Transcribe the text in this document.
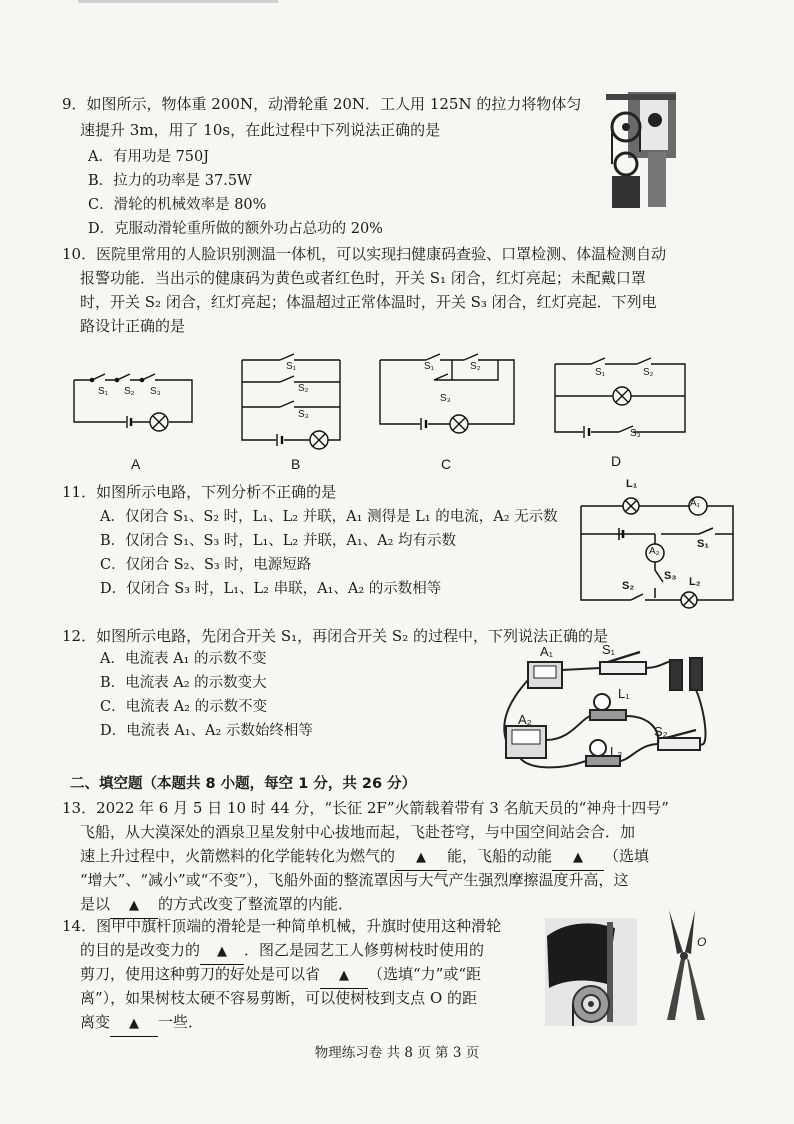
9．如图所示，物体重 200N，动滑轮重 20N．工人用 125N 的拉力将物体匀
速提升 3m，用了 10s，在此过程中下列说法正确的是
A．有用功是 750J
B．拉力的功率是 37.5W
C．滑轮的机械效率是 80%
D．克服动滑轮重所做的额外功占总功的 20%
10．医院里常用的人脸识别测温一体机，可以实现扫健康码查验、口罩检测、体温检测自动
报警功能．当出示的健康码为黄色或者红色时，开关 S₁ 闭合，红灯亮起；未配戴口罩
时，开关 S₂ 闭合，红灯亮起；体温超过正常体温时，开关 S₃ 闭合，红灯亮起．下列电
路设计正确的是
S₁ S₂ S₃
A
S₁
S₂
S₃
B
S₁	S₂
S₃
C
S₁	S₂
S₃
D
11．如图所示电路，下列分析不正确的是
A．仅闭合 S₁、S₂ 时，L₁、L₂ 并联，A₁ 测得是 L₁ 的电流，A₂ 无示数
B．仅闭合 S₁、S₃ 时，L₁、L₂ 并联，A₁、A₂ 均有示数
C．仅闭合 S₂、S₃ 时，电源短路
D．仅闭合 S₃ 时，L₁、L₂ 串联，A₁、A₂ 的示数相等
L₁
A₁
A₂
S₁
S₃
S₂	L₂
12．如图所示电路，先闭合开关 S₁，再闭合开关 S₂ 的过程中，下列说法正确的是
A．电流表 A₁ 的示数不变
B．电流表 A₂ 的示数变大
C．电流表 A₂ 的示数不变
D．电流表 A₁、A₂ 示数始终相等
A₁	S₁
L₁
A₂
S₂
L₂
二、填空题（本题共 8 小题，每空 1 分，共 26 分）
13．2022 年 6 月 5 日 10 时 44 分，“长征 2F”火箭载着带有 3 名航天员的“神舟十四号”
飞船，从大漠深处的酒泉卫星发射中心拔地而起，飞赴苍穹，与中国空间站会合．加
速上升过程中，火箭燃料的化学能转化为燃气的 ▲ 能，飞船的动能 ▲ （选填
“增大”、“减小”或“不变”），飞船外面的整流罩因与大气产生强烈摩擦温度升高，这
是以 ▲ 的方式改变了整流罩的内能．
14．图甲中旗杆顶端的滑轮是一种简单机械，升旗时使用这种滑轮
的目的是改变力的 ▲ ．图乙是园艺工人修剪树枝时使用的
剪刀，使用这种剪刀的好处是可以省 ▲ （选填“力”或“距
离”），如果树枝太硬不容易剪断，可以使树枝到支点 O 的距
离变 ▲ 一些．
O
物理练习卷 共 8 页 第 3 页
